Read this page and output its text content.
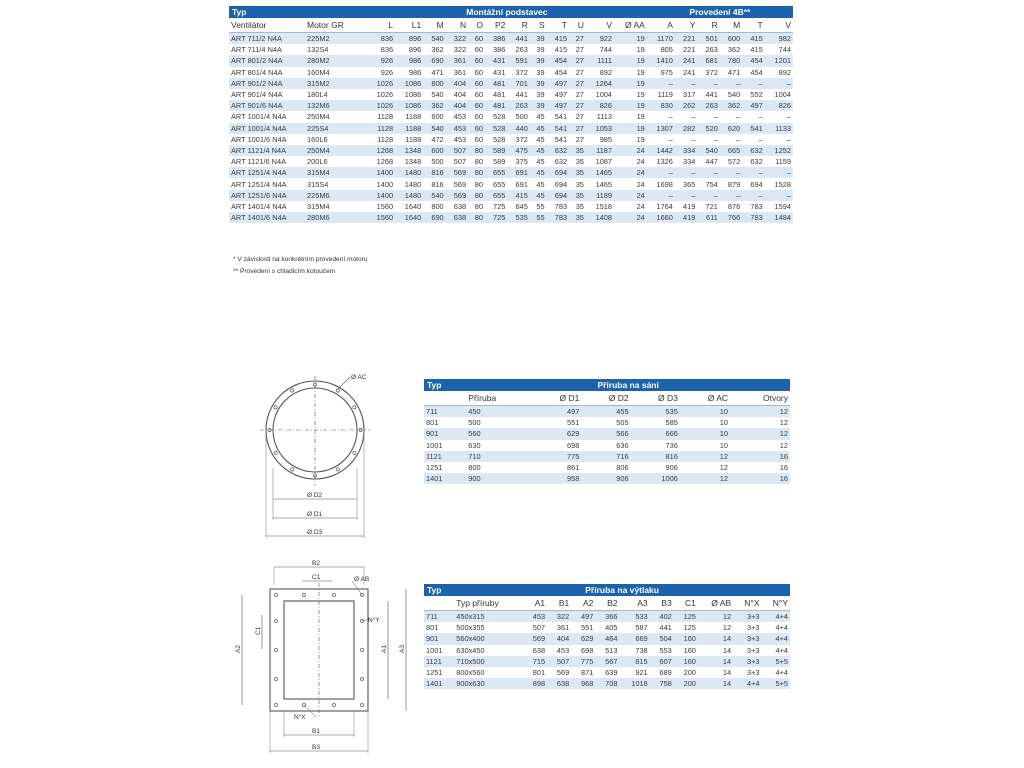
Typ		Montážní podstavec												Provedení 4B**					
Ventilátor	Motor GR	L	L1	M	N	O	P2	R	S	T	U	V	Ø AA	A	Y	R	M	T	V
ART 711/2 N4A	225M2	836	896	540	322	60	386	441	39	415	27	922	19	1170	221	501	600	415	982
ART 711/4 N4A	132S4	836	896	362	322	60	386	263	39	415	27	744	19	805	221	263	362	415	744
ART 801/2 N4A	280M2	926	986	690	361	60	431	591	39	454	27	1111	19	1410	241	681	780	454	1201
ART 801/4 N4A	160M4	926	986	471	361	60	431	372	39	454	27	892	19	975	241	372	471	454	892
ART 901/2 N4A	315M2	1026	1086	800	404	60	481	701	39	497	27	1264	19	–	–	–	–	–	–
ART 901/4 N4A	180L4	1026	1086	540	404	60	481	441	39	497	27	1004	19	1119	317	441	540	552	1004
ART 901/6 N4A	132M6	1026	1086	362	404	60	481	263	39	497	27	826	19	830	262	263	362	497	826
ART 1001/4 N4A	250M4	1128	1188	600	453	60	528	500	45	541	27	1113	19	–	–	–	–	–	–
ART 1001/4 N4A	225S4	1128	1188	540	453	60	528	440	45	541	27	1053	19	1307	282	520	620	541	1133
ART 1001/6 N4A	160L6	1128	1188	472	453	60	528	372	45	541	27	985	19	–	–	–	–	–	–
ART 1121/4 N4A	250M4	1268	1348	600	507	80	589	475	45	632	35	1187	24	1442	334	540	665	632	1252
ART 1121/6 N4A	200L6	1268	1348	500	507	80	589	375	45	632	35	1087	24	1326	334	447	572	632	1159
ART 1251/4 N4A	315M4	1400	1480	816	569	80	655	691	45	694	35	1465	24	–	–	–	–	–	–
ART 1251/4 N4A	315S4	1400	1480	816	569	80	655	691	45	694	35	1465	24	1698	365	754	879	694	1528
ART 1251/6 N4A	225M6	1400	1480	540	569	80	655	415	45	694	35	1189	24	–	–	–	–	–	–
ART 1401/4 N4A	315M4	1560	1640	800	638	80	725	645	55	783	35	1518	24	1764	419	721	876	783	1594
ART 1401/6 N4A	280M6	1560	1640	690	638	80	725	535	55	783	35	1408	24	1660	419	611	766	783	1484
* V závislosti na konkrétním provedení motoru
** Provedení s chladicím kotoučem
Ø AC
Ø D2
Ø D1
Ø D3
Typ	Příruba na sání					
	Příruba	Ø D1	Ø D2	Ø D3	Ø AC	Otvory
711	450	497	455	535	10	12
801	500	551	505	585	10	12
901	560	629	566	666	10	12
1001	630	698	636	736	10	12
1121	710	775	716	816	12	16
1251	800	861	806	906	12	16
1401	900	958	906	1006	12	16
B2
C1	Ø AB
N°Y
C1
A2	A1 A3
N°X
B1
B3
Typ	Příruba na výtlaku										
	Typ příruby	A1	B1	A2	B2	A3	B3	C1	Ø AB	N°X	N°Y
711	450x315	453	322	497	366	533	402	125	12	3+3	4+4
801	500x355	507	361	551	405	587	441	125	12	3+3	4+4
901	560x400	569	404	629	464	669	504	160	14	3+3	4+4
1001	630x450	638	453	698	513	738	553	160	14	3+3	4+4
1121	710x500	715	507	775	567	815	607	160	14	3+3	5+5
1251	800x560	801	569	871	639	921	689	200	14	3+3	4+4
1401	900x630	898	638	968	708	1018	758	200	14	4+4	5+5
